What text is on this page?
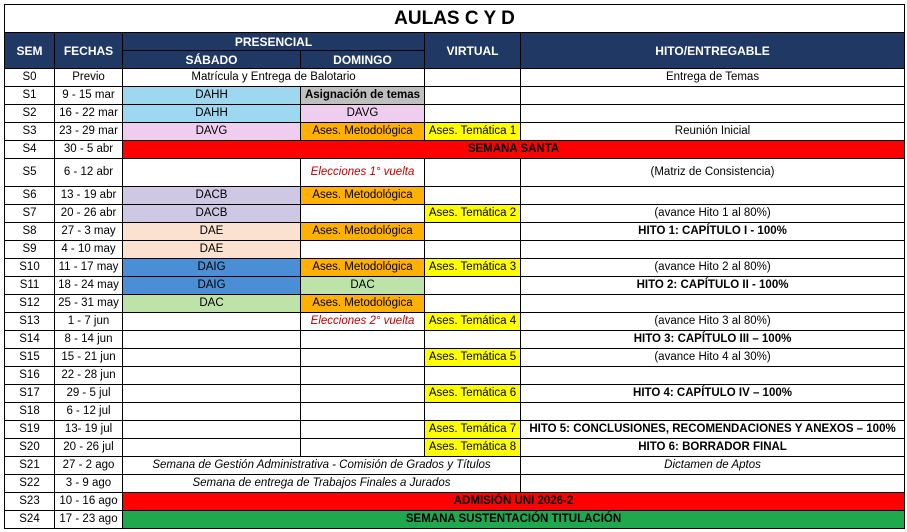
AULAS C Y D					
SEM	FECHAS	PRESENCIAL		VIRTUAL	HITO/ENTREGABLE
		SÁBADO	DOMINGO		
S0	Previo	Matrícula y Entrega de Balotario			Entrega de Temas
S1	9 - 15 mar	DAHH	Asignación de temas		
S2	16 - 22 mar	DAHH	DAVG		
S3	23 - 29 mar	DAVG	Ases. Metodológica	Ases. Temática 1	Reunión Inicial
S4	30 - 5 abr	SEMANA SANTA			
S5	6 - 12 abr		Elecciones 1° vuelta		(Matriz de Consistencia)
S6	13 - 19 abr	DACB	Ases. Metodológica		
S7	20 - 26 abr	DACB		Ases. Temática 2	(avance Hito 1 al 80%)
S8	27 - 3 may	DAE	Ases. Metodológica		HITO 1: CAPÍTULO I - 100%
S9	4 - 10 may	DAE			
S10	11 - 17 may	DAIG	Ases. Metodológica	Ases. Temática 3	(avance Hito 2 al 80%)
S11	18 - 24 may	DAIG	DAC		HITO 2: CAPÍTULO II - 100%
S12	25 - 31 may	DAC	Ases. Metodológica		
S13	1 - 7 jun		Elecciones 2° vuelta	Ases. Temática 4	(avance Hito 3 al 80%)
S14	8 - 14 jun				HITO 3: CAPÍTULO III – 100%
S15	15 - 21 jun			Ases. Temática 5	(avance Hito 4 al 30%)
S16	22 - 28 jun				
S17	29 - 5 jul			Ases. Temática 6	HITO 4: CAPÍTULO IV – 100%
S18	6 - 12 jul				
S19	13- 19 jul			Ases. Temática 7	HITO 5: CONCLUSIONES, RECOMENDACIONES Y ANEXOS – 100%
S20	20 - 26 jul			Ases. Temática 8	HITO 6: BORRADOR FINAL
S21	27 - 2 ago	Semana de Gestión Administrativa - Comisión de Grados y Títulos			Dictamen de Aptos
S22	3 - 9 ago	Semana de entrega de Trabajos Finales a Jurados			
S23	10 - 16 ago	ADMISIÓN UNI 2026-2			
S24	17 - 23 ago	SEMANA SUSTENTACIÓN TITULACIÓN			
